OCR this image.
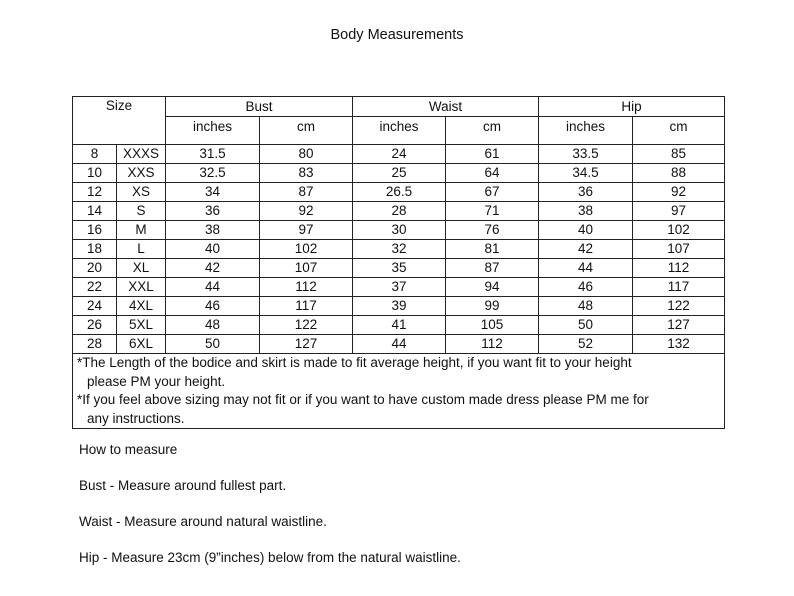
Body Measurements
Size		Bust		Waist		Hip	
		inches	cm	inches	cm	inches	cm
8	XXXS	31.5	80	24	61	33.5	85
10	XXS	32.5	83	25	64	34.5	88
12	XS	34	87	26.5	67	36	92
14	S	36	92	28	71	38	97
16	M	38	97	30	76	40	102
18	L	40	102	32	81	42	107
20	XL	42	107	35	87	44	112
22	XXL	44	112	37	94	46	117
24	4XL	46	117	39	99	48	122
26	5XL	48	122	41	105	50	127
28	6XL	50	127	44	112	52	132

*The Length of the bodice and skirt is made to fit average height, if you want fit to your height
please PM your height.
*If you feel above sizing may not fit or if you want to have custom made dress please PM me for
any instructions.							
How to measure
Bust - Measure around fullest part.
Waist - Measure around natural waistline.
Hip - Measure 23cm (9”inches) below from the natural waistline.
